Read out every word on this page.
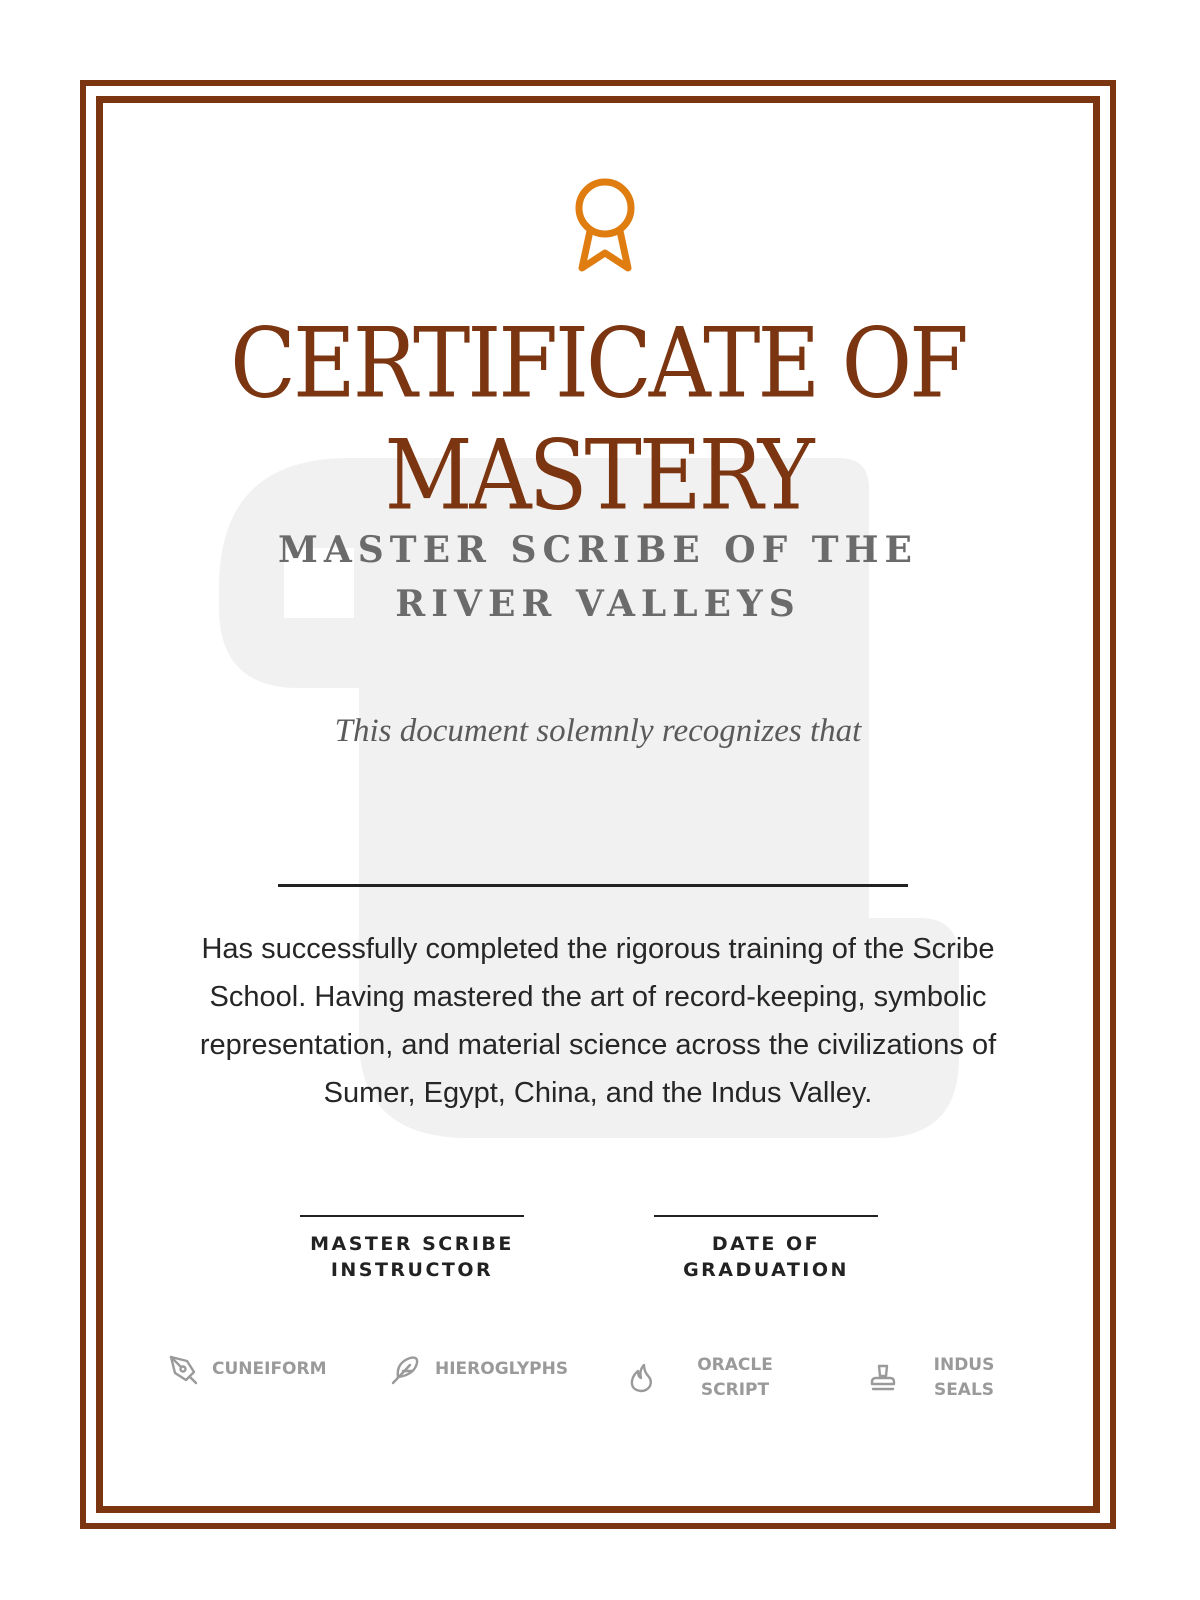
CERTIFICATE OF MASTERY
MASTER SCRIBE OF THE RIVER VALLEYS
This document solemnly recognizes that

Has successfully completed the rigorous training of the Scribe School. Having mastered the art of record-keeping, symbolic representation, and material science across the civilizations of Sumer, Egypt, China, and the Indus Valley.

MASTER SCRIBE INSTRUCTOR
DATE OF GRADUATION
CUNEIFORM	HIEROGLYPHS	ORACLE SCRIPT
INDUS SEALS
